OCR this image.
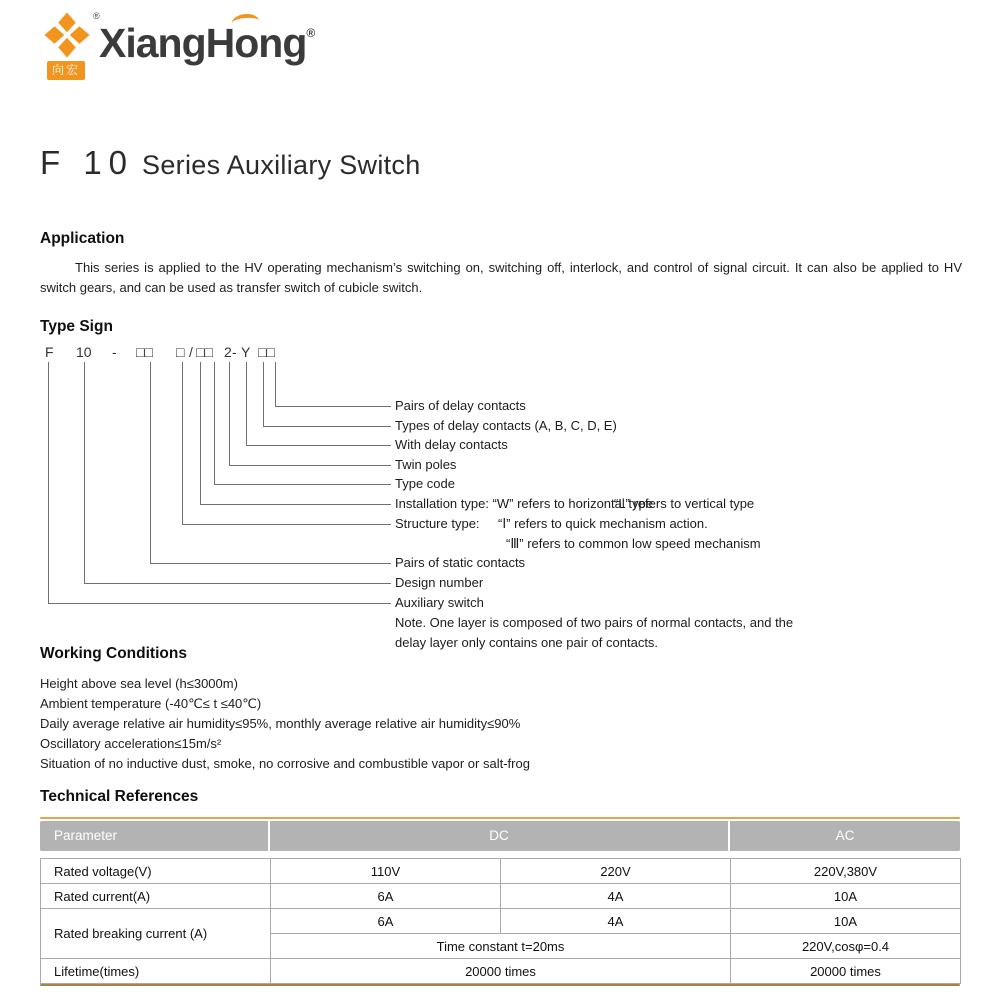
®
向宏
XiangHong®
F 10 Series Auxiliary Switch
Application
This series is applied to the HV operating mechanism’s switching on, switching off, interlock, and control of signal circuit. It can also be applied to HV switch gears, and can be used as transfer switch of cubicle switch.
Type Sign
F 10 - □□ □ / □□ 2 - Y □□
Pairs of delay contacts
Types of delay contacts (A, B, C, D, E)
With delay contacts
Twin poles
Type code
Installation type: “W” refers to horizontal type
“L” refers to vertical type
Structure type: “Ⅰ” refers to quick mechanism action.
“Ⅲ” refers to common low speed mechanism
Pairs of static contacts
Design number
Auxiliary switch
Note. One layer is composed of two pairs of normal contacts, and the
delay layer only contains one pair of contacts.
Working Conditions
Height above sea level (h≤3000m)
Ambient temperature (-40℃≤ t ≤40℃)
Daily average relative air humidity≤95%, monthly average relative air humidity≤90%
Oscillatory acceleration≤15m/s²
Situation of no inductive dust, smoke, no corrosive and combustible vapor or salt-frog
Technical References
Parameter	DC	AC
Rated voltage(V)	110V	220V	220V,380V
Rated current(A)	6A	4A	10A
Rated breaking current (A)	6A	4A	10A
	Time constant t=20ms		220V,cosφ=0.4
Lifetime(times)	20000 times		20000 times
